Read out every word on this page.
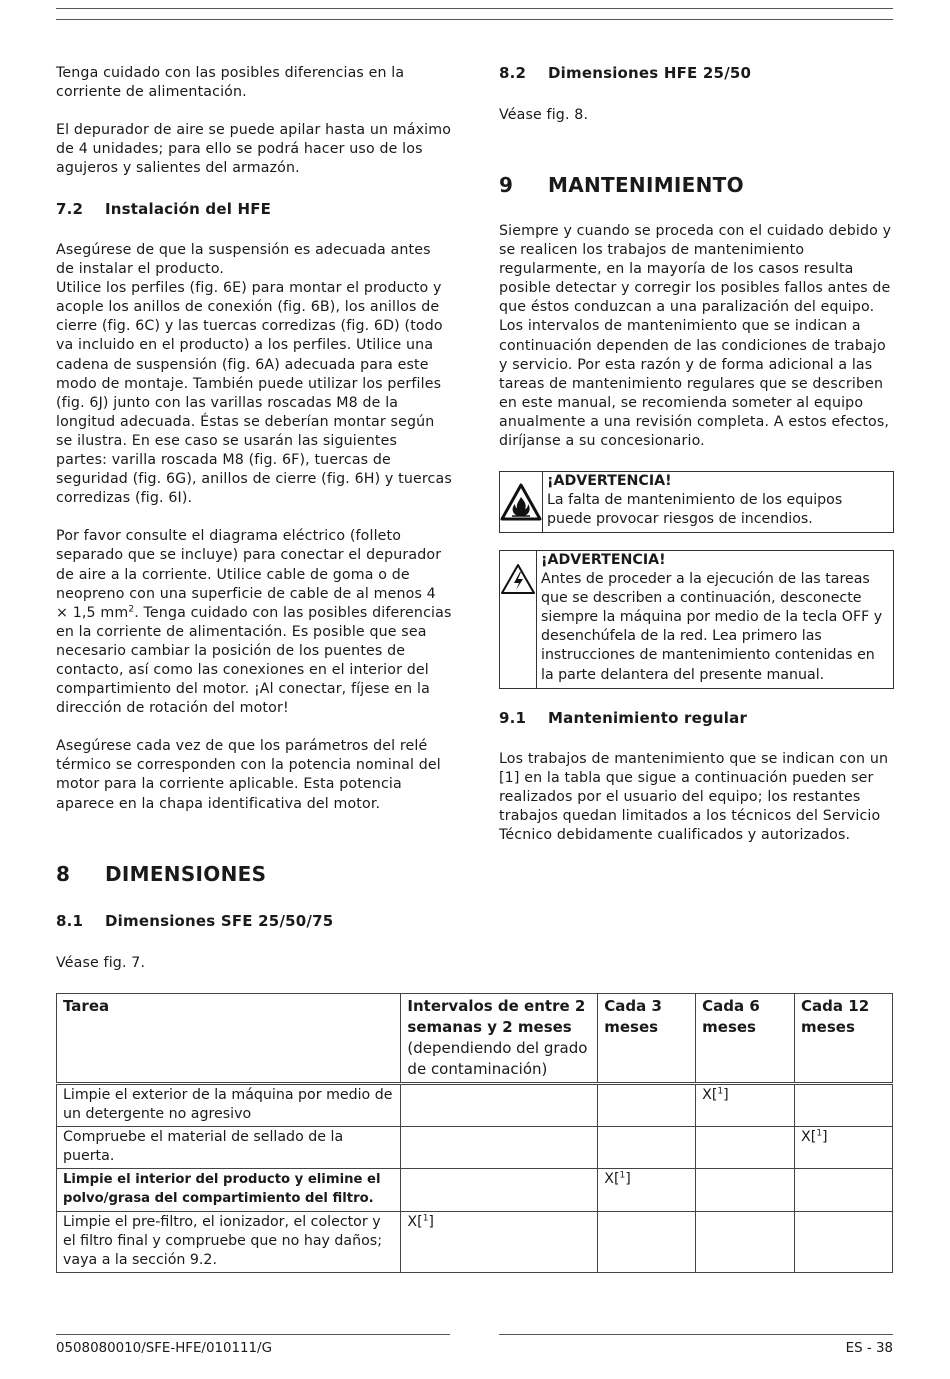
Tenga cuidado con las posibles diferencias en la corriente de alimentación.

El depurador de aire se puede apilar hasta un máximo de 4 unidades; para ello se podrá hacer uso de los agujeros y salientes del armazón.

7.2 Instalación del HFE

Asegúrese de que la suspensión es adecuada antes de instalar el producto.

Utilice los perfiles (fig. 6E) para montar el producto y acople los anillos de conexión (fig. 6B), los anillos de cierre (fig. 6C) y las tuercas corredizas (fig. 6D) (todo va incluido en el producto) a los perfiles. Utilice una cadena de suspensión (fig. 6A) adecuada para este modo de montaje. También puede utilizar los perfiles (fig. 6J) junto con las varillas roscadas M8 de la longitud adecuada. Éstas se deberían montar según se ilustra. En ese caso se usarán las siguientes partes: varilla roscada M8 (fig. 6F), tuercas de seguridad (fig. 6G), anillos de cierre (fig. 6H) y tuercas corredizas (fig. 6I).

Por favor consulte el diagrama eléctrico (folleto separado que se incluye) para conectar el depurador de aire a la corriente. Utilice cable de goma o de neopreno con una superficie de cable de al menos 4 × 1,5 $mm^2$. Tenga cuidado con las posibles diferencias en la corriente de alimentación. Es posible que sea necesario cambiar la posición de los puentes de contacto, así como las conexiones en el interior del compartimiento del motor. ¡Al conectar, fíjese en la dirección de rotación del motor!

Asegúrese cada vez de que los parámetros del relé térmico se corresponden con la potencia nominal del motor para la corriente aplicable. Esta potencia aparece en la chapa identificativa del motor.

8 DIMENSIONES
8.1 Dimensiones SFE 25/50/75
Véase fig. 7.
8.2 Dimensiones HFE 25/50
Véase fig. 8.
9 MANTENIMIENTO

Siempre y cuando se proceda con el cuidado debido y se realicen los trabajos de mantenimiento regularmente, en la mayoría de los casos resulta posible detectar y corregir los posibles fallos antes de que éstos conduzcan a una paralización del equipo. Los intervalos de mantenimiento que se indican a continuación dependen de las condiciones de trabajo y servicio. Por esta razón y de forma adicional a las tareas de mantenimiento regulares que se describen en este manual, se recomienda someter al equipo anualmente a una revisión completa. A estos efectos, diríjanse a su concesionario.

¡ADVERTENCIA!
La falta de mantenimiento de los equipos puede provocar riesgos de incendios.
¡ADVERTENCIA!
Antes de proceder a la ejecución de las tareas que se describen a continuación, desconecte siempre la máquina por medio de la tecla OFF y desenchúfela de la red. Lea primero las instrucciones de mantenimiento contenidas en la parte delantera del presente manual.
9.1 Mantenimiento regular

Los trabajos de mantenimiento que se indican con un [1] en la tabla que sigue a continuación pueden ser realizados por el usuario del equipo; los restantes trabajos quedan limitados a los técnicos del Servicio Técnico debidamente cualificados y autorizados.

Tarea	Intervalos de entre 2 semanas y 2 meses (dependiendo del grado de contaminación)	Cada 3 meses	Cada 6 meses	Cada 12 meses
Limpie el exterior de la máquina por medio de un detergente no agresivo			X[$^1$]	
Compruebe el material de sellado de la puerta.				X[$^1$]
Limpie el interior del producto y elimine el polvo/grasa del compartimiento del filtro.		X[$^1$]		
Limpie el pre-filtro, el ionizador, el colector y el filtro final y compruebe que no hay daños; vaya a la sección 9.2.	X[$^1$]			
0508080010/SFE-HFE/010111/G	ES - 38
